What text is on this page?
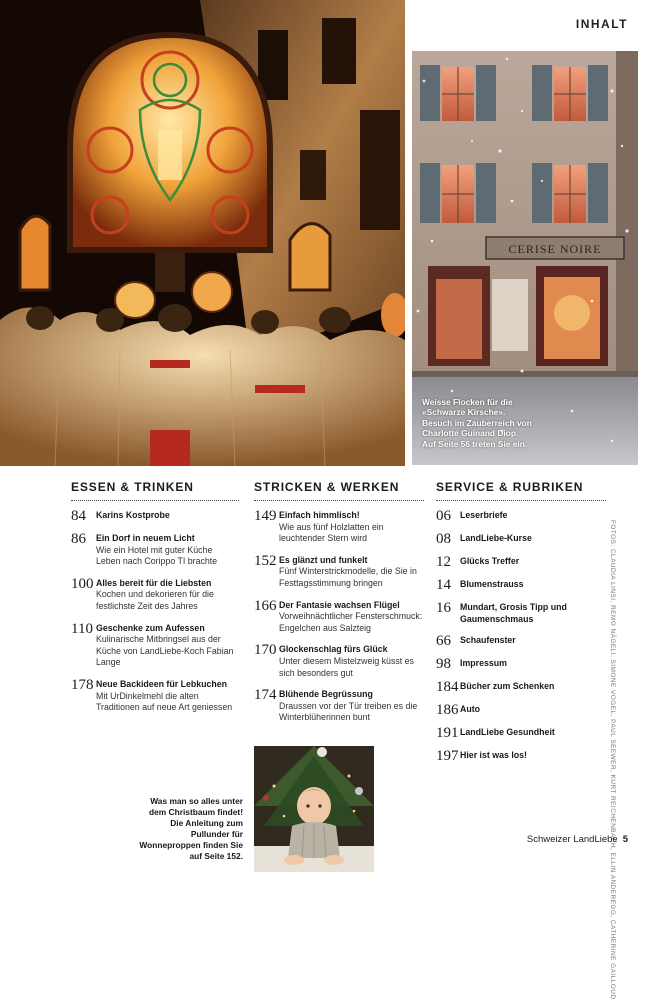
INHALT
CERISE NOIRE
Weisse Flocken für die «Schwarze Kirsche». Besuch im Zauberreich von Charlotte Guinand Diop. Auf Seite 56 treten Sie ein.
ESSEN & TRINKEN
84	Karins Kostprobe
86	Ein Dorf in neuem Licht
Wie ein Hotel mit guter Küche Leben nach Corippo TI brachte
100 Alles bereit für die Liebsten
Kochen und dekorieren für die festlichste Zeit des Jahres
110 Geschenke zum Aufessen
Kulinarische Mitbringsel aus der Küche von LandLiebe-Koch Fabian Lange
178 Neue Backideen für Lebkuchen
Mit UrDinkelmehl die alten Traditionen auf neue Art geniessen
STRICKEN & WERKEN
149 Einfach himmlisch!
Wie aus fünf Holzlatten ein leuchtender Stern wird
152 Es glänzt und funkelt
Fünf Winterstrickmodelle, die Sie in Festtagsstimmung bringen
166 Der Fantasie wachsen Flügel
Vorweihnächtlicher Fensterschmuck: Engelchen aus Salzteig
170 Glockenschlag fürs Glück
Unter diesem Mistelzweig küsst es sich besonders gut
174 Blühende Begrüssung
Draussen vor der Tür treiben es die Winterblüherinnen bunt
SERVICE & RUBRIKEN
06	Leserbriefe
08	LandLiebe-Kurse
12	Glücks Treffer
14	Blumenstrauss
16	Mundart, Grosis Tipp und Gaumenschmaus
66	Schaufenster
98	Impressum
184 Bücher zum Schenken
186 Auto
191 LandLiebe Gesundheit
197 Hier ist was los!
Was man so alles unter dem Christbaum findet! Die Anleitung zum Pullunder für Wonneproppen finden Sie auf Seite 152.	FOTOS: CLAUDIA LINSI, REMO NÄGELI, SIMONE VOGEL, PAUL SEEWER, KURT REICHENBACH, ELLIN ANDEREGG, CATHERINE GAILLOUD
Schweizer LandLiebe 5
